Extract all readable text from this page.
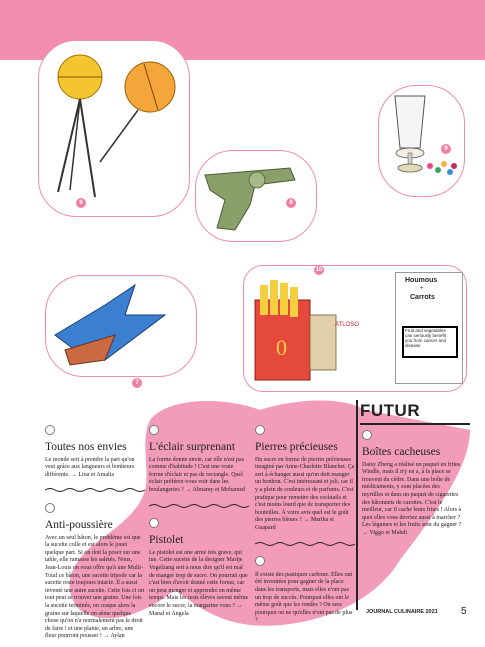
6	8
9
7
10
0
ATLOSO
Houmous
+
Carrots
Fruit and vegetables can seriously benefit you from cancer and disease
FUTUR
Toutes nos envies

Le monde sert à prendre la part qu'on veut grâce aux langueurs et bonheurs différents. → Lina et Amalia

Anti-poussière

Avec un seul bâton, le problème est que la sucette colle et est alors le jouet quelque part. Si on doit la poser sur une table, elle ramasse les saletés. Nous, Jean-Louis on vous offre qu'à une Multi-Total ce bâton, une sucette tripode car la sucette reste toujours intacte. Il a aussi inventé une autre sucette. Cette fois ci on tout peut se trouver une graine. Une fois la sucette terminée, on craque alors la graine sur laquelle on sème quelque chose qu'on n'a normalement pas le droit de faire ! et une plante, un arbre, une fleur pourront pousser ! → Aylan

L'éclair surprenant

La forme donne envie, car elle n'est pas comme d'habitude ! C'est une vraie forme d'éclair et pas de rectangle. Quel éclair préférez-vous voir dans les boulangeries ? → Almamy et Mohamed

Pistolet

Le pistolet est une arme très grave, qui tue. Cette sucette de la designer Marije Vogelzang sert à nous dire qu'il est mal de manger trop de sucre. On pourrait que c'est bien d'avoir donné cette forme, car on peut manger et apprendre en même temps. Mais les tests élèves savent même encore le sucre, la margarine vous ? → Manal et Angela

Pierres précieuses

Du sucre en forme de pierres précieuses imaginé par Anne-Charlotte Blanchet. Ça sert à échanger aussi qu'on doit manger un bonbon. C'est intéressant et joli, car il y a plein de couleurs et de parfums. C'est pratique pour remettre des cocktails et c'est moins lourd que de transporter des bouteilles. À votre avis quel est le goût des pierres bleues ? → Mariha et Guapard

Il existe des pastiques carbone. Elles ont été inventées pour gagner de la place dans les transports, mais elles n'ont pas un trop de succès. Pourquoi elles ont le même goût que les rondes ? On sera pourquoi on ne qu'elles n'ont pas de plus ?

Boîtes cacheuses

Daisy Zheng a réalisé un paquet en frites Windle, mais il n'y en a, à la place se trouvent du cèdre. Dans une boîte de médicaments, y sont placées des myrtilles et dans un paquet de cigarettes des bâtonnets de carottes. C'est le meilleur, car il cache leurs frites ! Alors à quoi elles vous devriez aussi à marcher ? Les légumes et les fruits sont du gagner ? → Viggo et Mahdi

JOURNAL CULINAIRE 2021 5
